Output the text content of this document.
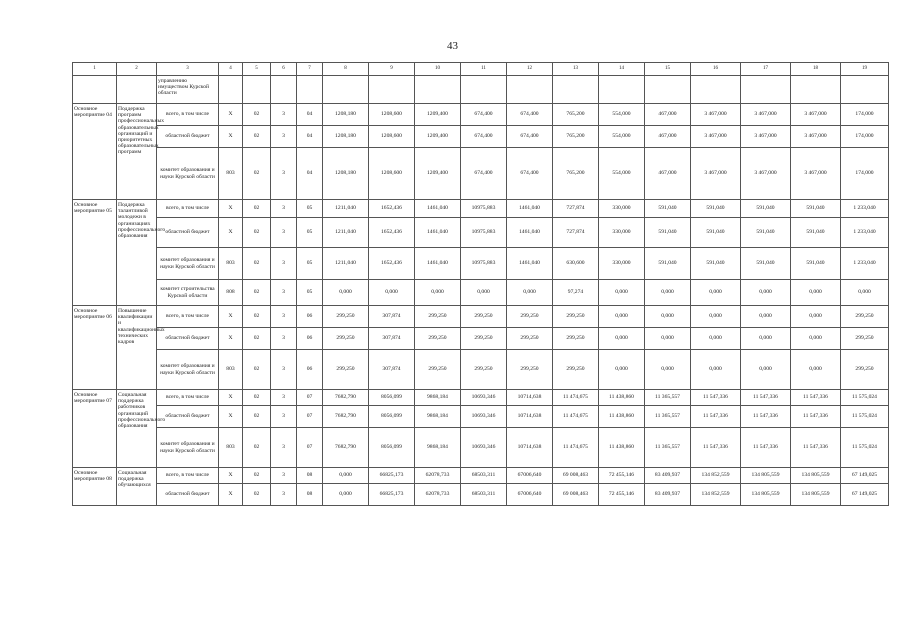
43
1	2	3	4	5	6	7	8	9	10	11	12	13	14	15	16	17	18	19
		управлению имуществом Курской области																
Основное мероприятие 04	Поддержка программ профессиональных образовательных организаций и приоритетных образовательных программ	всего, в том числе	X	02	3	04	1208,180	1208,600	1209,400	674,400	674,400	765,200	554,000	467,000	3 467,000	3 467,000	3 467,000	174,000
		областной бюджет	X	02	3	04	1208,180	1208,600	1209,400	674,400	674,400	765,200	554,000	467,000	3 467,000	3 467,000	3 467,000	174,000
		комитет образования и науки Курской области	803	02	3	04	1208,180	1208,600	1209,400	674,400	674,400	765,200	554,000	467,000	3 467,000	3 467,000	3 467,000	174,000
Основное мероприятие 05	Поддержка талантливой молодежи в организациях профессионального образования	всего, в том числе	X	02	3	05	1211,040	1652,436	1461,040	10975,883	1461,040	727,874	330,000	591,040	591,040	591,040	591,040	1 233,040
		областной бюджет	X	02	3	05	1211,040	1652,436	1461,040	10975,883	1461,040	727,874	330,000	591,040	591,040	591,040	591,040	1 233,040
		комитет образования и науки Курской области	803	02	3	05	1211,040	1652,436	1461,040	10975,883	1461,040	630,600	330,000	591,040	591,040	591,040	591,040	1 233,040
		комитет строительства Курской области	808	02	3	05	0,000	0,000	0,000	0,000	0,000	97,274	0,000	0,000	0,000	0,000	0,000	0,000
Основное мероприятие 06	Повышение квалификации и квалификационных технических кадров	всего, в том числе	X	02	3	06	299,250	307,874	299,250	299,250	299,250	299,250	0,000	0,000	0,000	0,000	0,000	299,250
		областной бюджет	X	02	3	06	299,250	307,874	299,250	299,250	299,250	299,250	0,000	0,000	0,000	0,000	0,000	299,250
		комитет образования и науки Курской области	803	02	3	06	299,250	307,874	299,250	299,250	299,250	299,250	0,000	0,000	0,000	0,000	0,000	299,250
Основное мероприятие 07	Социальная поддержка работников организаций профессионального образования	всего, в том числе	X	02	3	07	7682,790	8056,099	9868,184	10693,346	10714,638	11 474,675	11 438,860	11 365,557	11 547,336	11 547,336	11 547,336	11 575,024
		областной бюджет	X	02	3	07	7682,790	8056,099	9868,184	10693,346	10714,638	11 474,675	11 438,860	11 365,557	11 547,336	11 547,336	11 547,336	11 575,024
		комитет образования и науки Курской области	803	02	3	07	7682,790	8056,099	9868,184	10693,346	10714,638	11 474,675	11 438,860	11 365,557	11 547,336	11 547,336	11 547,336	11 575,024
Основное мероприятие 08	Социальная поддержка обучающихся	всего, в том числе	X	02	3	08	0,000	66825,173	62078,733	68503,311	67006,640	69 008,463	72 455,146	83 409,937	134 852,559	134 805,559	134 805,559	67 149,025
		областной бюджет	X	02	3	08	0,000	66825,173	62078,733	68503,311	67006,640	69 008,463	72 455,146	83 409,937	134 852,559	134 805,559	134 805,559	67 149,025
